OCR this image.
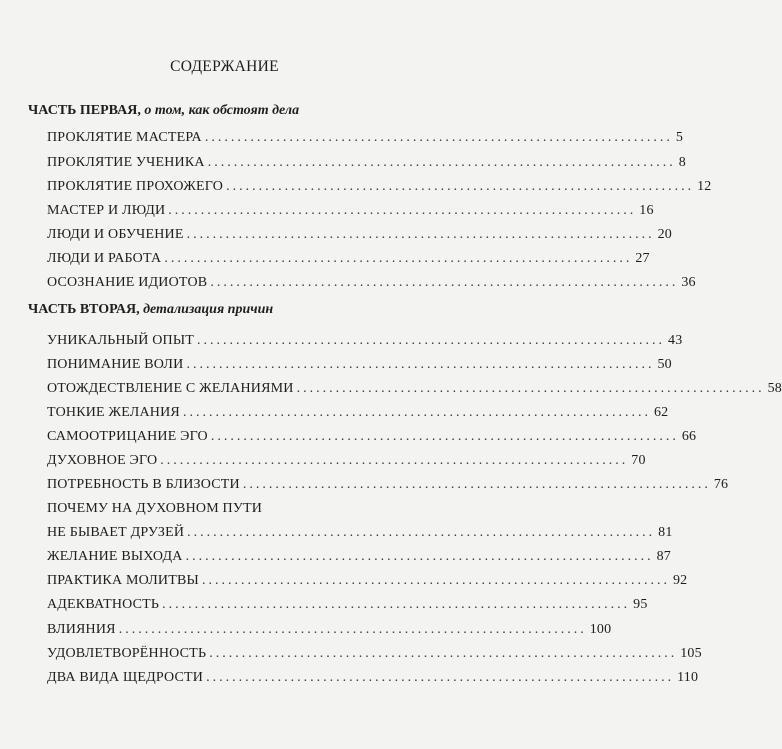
СОДЕРЖАНИЕ
ЧАСТЬ ПЕРВАЯ, о том, как обстоят дела
ПРОКЛЯТИЕ МАСТЕРА ........................................................................ 5
ПРОКЛЯТИЕ УЧЕНИКА ........................................................................ 8
ПРОКЛЯТИЕ ПРОХОЖЕГО ........................................................................ 12
МАСТЕР И ЛЮДИ ........................................................................ 16
ЛЮДИ И ОБУЧЕНИЕ ........................................................................ 20
ЛЮДИ И РАБОТА ........................................................................ 27
ОСОЗНАНИЕ ИДИОТОВ ........................................................................ 36
ЧАСТЬ ВТОРАЯ, детализация причин
УНИКАЛЬНЫЙ ОПЫТ ........................................................................ 43
ПОНИМАНИЕ ВОЛИ ........................................................................ 50
ОТОЖДЕСТВЛЕНИЕ С ЖЕЛАНИЯМИ ........................................................................ 58
ТОНКИЕ ЖЕЛАНИЯ ........................................................................ 62
САМООТРИЦАНИЕ ЭГО ........................................................................ 66
ДУХОВНОЕ ЭГО ........................................................................ 70
ПОТРЕБНОСТЬ В БЛИЗОСТИ ........................................................................ 76
ПОЧЕМУ НА ДУХОВНОМ ПУТИ
НЕ БЫВАЕТ ДРУЗЕЙ ........................................................................ 81
ЖЕЛАНИЕ ВЫХОДА ........................................................................ 87
ПРАКТИКА МОЛИТВЫ ........................................................................ 92
АДЕКВАТНОСТЬ ........................................................................ 95
ВЛИЯНИЯ ........................................................................ 100
УДОВЛЕТВОРЁННОСТЬ ........................................................................ 105
ДВА ВИДА ЩЕДРОСТИ ........................................................................ 110
